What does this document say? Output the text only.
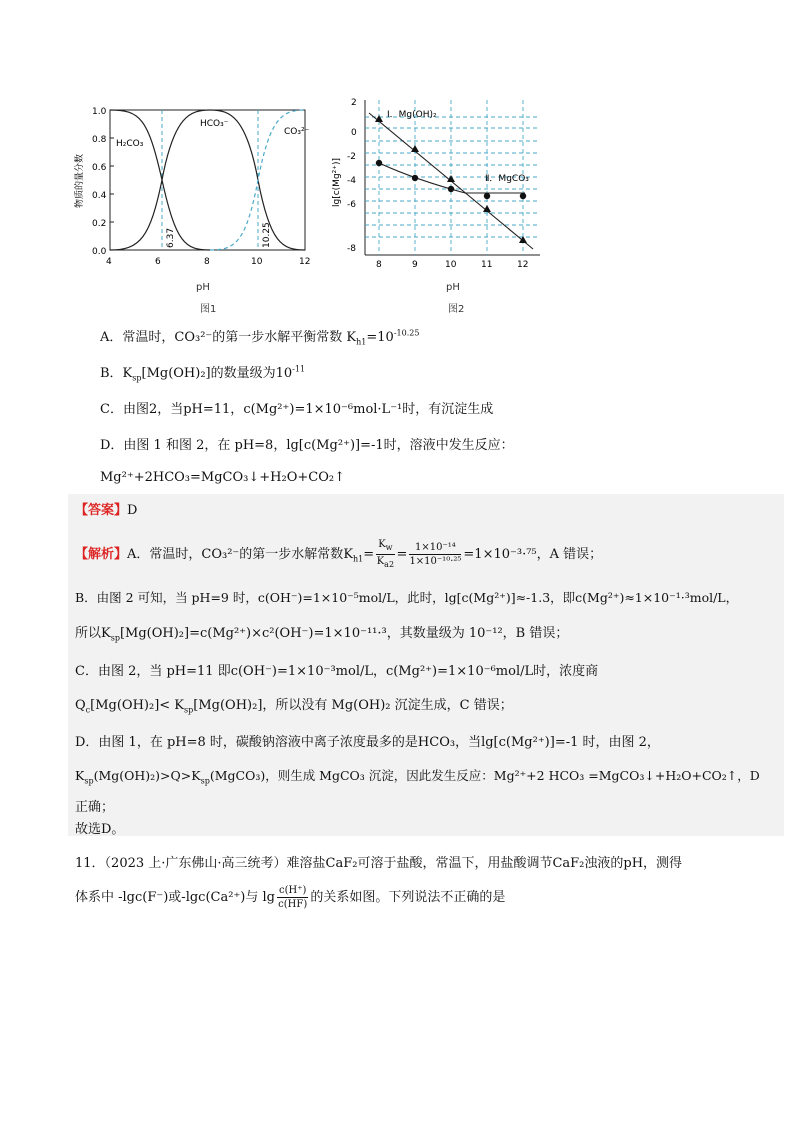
0.0
0.2
0.4
0.6
0.8
1.0
4	6	8	10	12
物质的量分数
6.37	10.25
H₂CO₃
HCO₃⁻
CO₃²⁻
pH
图1
2
0
-2
-4
-6
-8
8	9	10	11	12
lg[c(Mg²⁺)]
Ⅰ．Mg(OH)₂
Ⅱ．MgCO₃
pH
图2
A．常温时，CO₃²⁻的第一步水解平衡常数 $K_{h1}=10^{-10.25}$
B．$K_{sp}[Mg(OH)_2]$的数量级为$10^{-11}$
C．由图2，当pH=11，c(Mg²⁺)=1×10⁻⁶mol·L⁻¹时，有沉淀生成
D．由图 1 和图 2，在 pH=8，lg[c(Mg²⁺)]=-1时，溶液中发生反应：
Mg²⁺+2HCO₃=MgCO₃↓+H₂O+CO₂↑
【答案】D
【解析】A．常温时，CO₃²⁻的第一步水解常数$K_{h1}= \frac{K_w}{K_{a2}} = \frac{\text{1×10⁻¹⁴}}{\text{1×10⁻¹⁰·²⁵}} =1\times 10^{-3}\cdot^{75}$，A 错误；
B．由图 2 可知，当 pH=9 时，c(OH⁻)=1×10⁻⁵mol/L，此时，lg[c(Mg²⁺)]≈-1.3，即c(Mg²⁺)≈1×10⁻¹·³mol/L，
所以$K_{sp}[Mg(OH)_2]=c(Mg^{2+})\times c^2(OH^-)=1\times 10^{-11}\cdot^3$，其数量级为 10⁻¹²，B 错误；
C．由图 2，当 pH=11 即c(OH⁻)=1×10⁻³mol/L，c(Mg²⁺)=1×10⁻⁶mol/L时，浓度商
$Q_c[Mg(OH)_2]< K_{sp}[Mg(OH)_2]$，所以没有 Mg(OH)₂ 沉淀生成，C 错误；
D．由图 1，在 pH=8 时，碳酸钠溶液中离子浓度最多的是HCO₃，当lg[c(Mg²⁺)]=-1 时，由图 2，
$K_{sp}(Mg(OH)_2)>Q>K_{sp}(MgCO_3)$，则生成 MgCO₃ 沉淀，因此发生反应：Mg²⁺+2 HCO₃ =MgCO₃↓+H₂O+CO₂↑，D
正确；
故选D。
11．（2023 上·广东佛山·高三统考）难溶盐CaF₂可溶于盐酸，常温下，用盐酸调节CaF₂浊液的pH，测得
体系中 -lgc(F⁻)或-lgc(Ca²⁺)与 $\lg \frac{c(H^+)}{c(HF)}$ 的关系如图。下列说法不正确的是
